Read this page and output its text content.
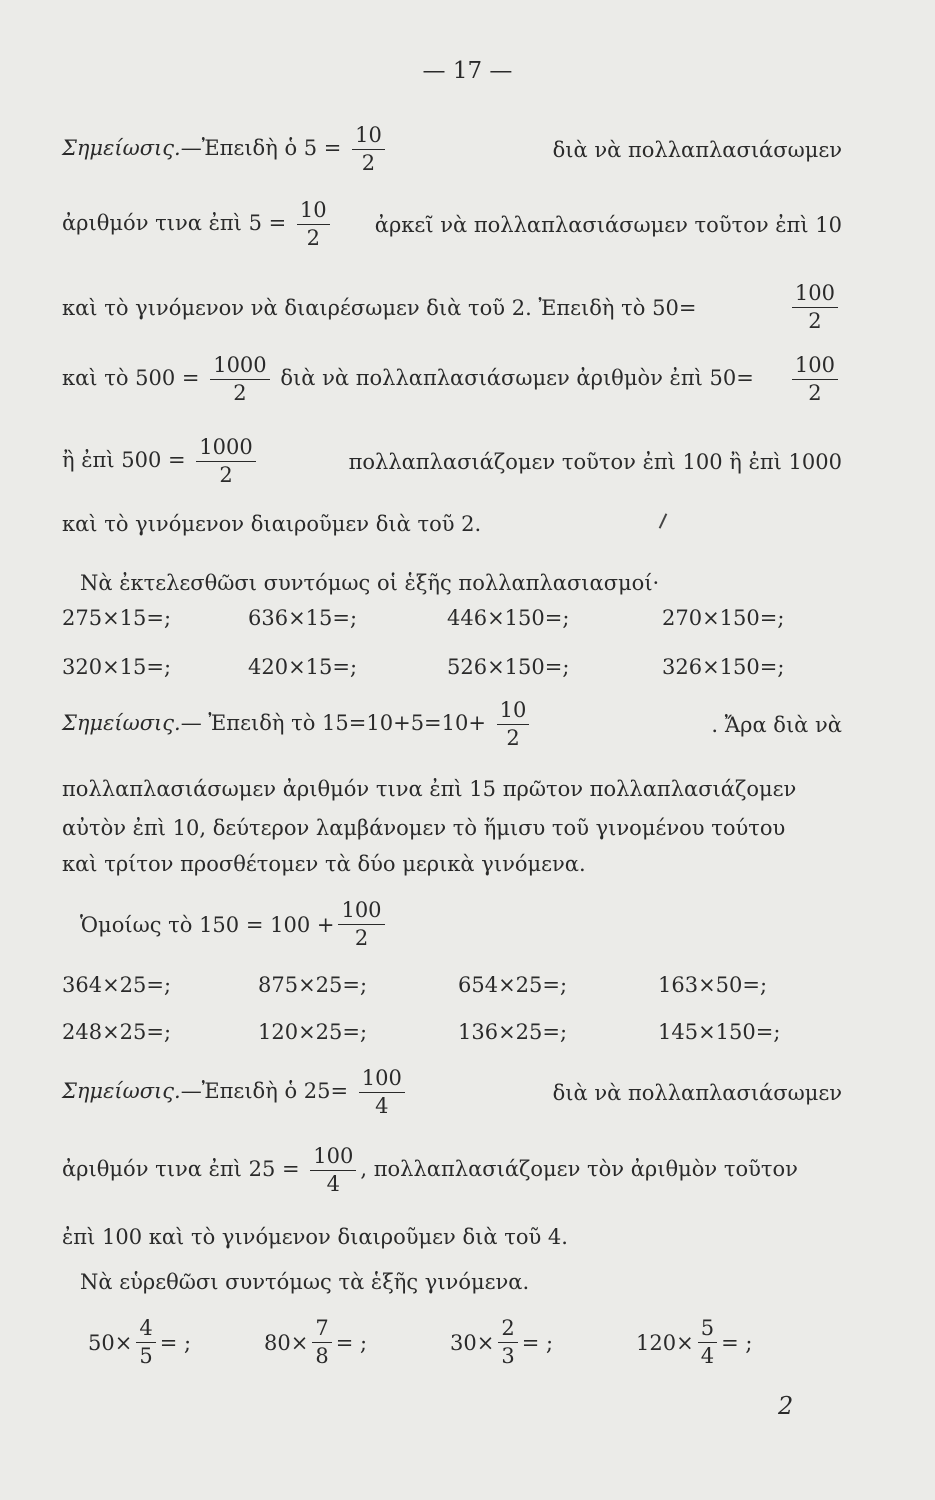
— 17 —
Σημείωσις.—Ἐπειδὴ ὁ $5 = \frac{10}{2}$	διὰ νὰ πολλαπλασιάσωμεν
ἀριθμόν τινα ἐπὶ $5 = \frac{10}{2}$ ἀρκεῖ νὰ πολλαπλασιάσωμεν τοῦτον ἐπὶ 10
καὶ τὸ γινόμενον νὰ διαιρέσωμεν διὰ τοῦ 2. Ἐπειδὴ τὸ 50=	$\frac{100}{2}$
καὶ τὸ $500 = \frac{1000}{2}$ διὰ νὰ πολλαπλασιάσωμεν ἀριθμὸν ἐπὶ $50= \frac{100}{2}$
ἢ ἐπὶ $500 = \frac{1000}{2}$	πολλαπλασιάζομεν τοῦτον ἐπὶ 100 ἢ ἐπὶ 1000
καὶ τὸ γινόμενον διαιροῦμεν διὰ τοῦ 2.
Νὰ ἐκτελεσθῶσι συντόμως οἱ ἑξῆς πολλαπλασιασμοί·
275×15=;	636×15=;	446×150=;	270×150=;
320×15=;	420×15=;	526×150=;	326×150=;
Σημείωσις.— Ἐπειδὴ τὸ $15=10+5=10+ \frac{10}{2}$	. Ἄρα διὰ νὰ
πολλαπλασιάσωμεν ἀριθμόν τινα ἐπὶ 15 πρῶτον πολλαπλασιάζομεν
αὐτὸν ἐπὶ 10, δεύτερον λαμβάνομεν τὸ ἥμισυ τοῦ γινομένου τούτου
καὶ τρίτον προσθέτομεν τὰ δύο μερικὰ γινόμενα.
Ὁμοίως τὸ $150 = 100 + \frac{100}{2}$
364×25=;	875×25=;	654×25=;	163×50=;
248×25=;	120×25=;	136×25=;	145×150=;
Σημείωσις.—Ἐπειδὴ ὁ $25= \frac{100}{4}$	διὰ νὰ πολλαπλασιάσωμεν
ἀριθμόν τινα ἐπὶ $25 = \frac{100}{4}$ , πολλαπλασιάζομεν τὸν ἀριθμὸν τοῦτον
ἐπὶ 100 καὶ τὸ γινόμενον διαιροῦμεν διὰ τοῦ 4.
Νὰ εὑρεθῶσι συντόμως τὰ ἑξῆς γινόμενα.
$50\times \frac{4}{5}$ = ;	$80\times \frac{7}{8}$ = ;	$30\times \frac{2}{3}$ = ;	$120\times \frac{5}{4}$ = ;
2
